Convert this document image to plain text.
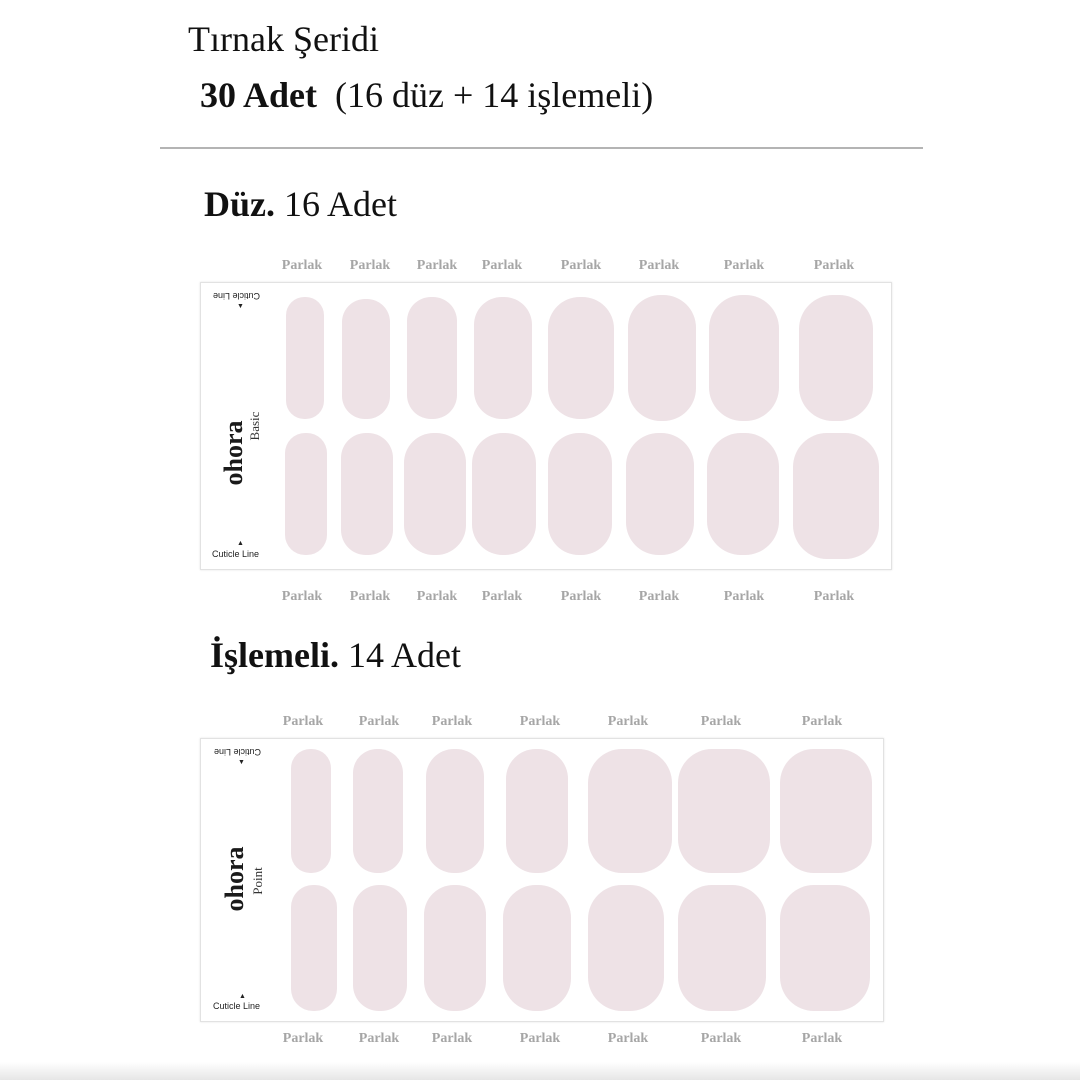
Tırnak Şeridi
30 Adet (16 düz + 14 işlemeli)
Düz. 16 Adet
Parlak Parlak Parlak Parlak	Parlak	Parlak	Parlak	Parlak
Cuticle Line
▼
ohora Basic
▲
Cuticle Line
Parlak Parlak Parlak Parlak	Parlak	Parlak	Parlak	Parlak
İşlemeli. 14 Adet
Parlak	Parlak Parlak	Parlak	Parlak	Parlak	Parlak
Cuticle Line
▼
ohora Point
▲
Cuticle Line
Parlak	Parlak Parlak	Parlak	Parlak	Parlak	Parlak
